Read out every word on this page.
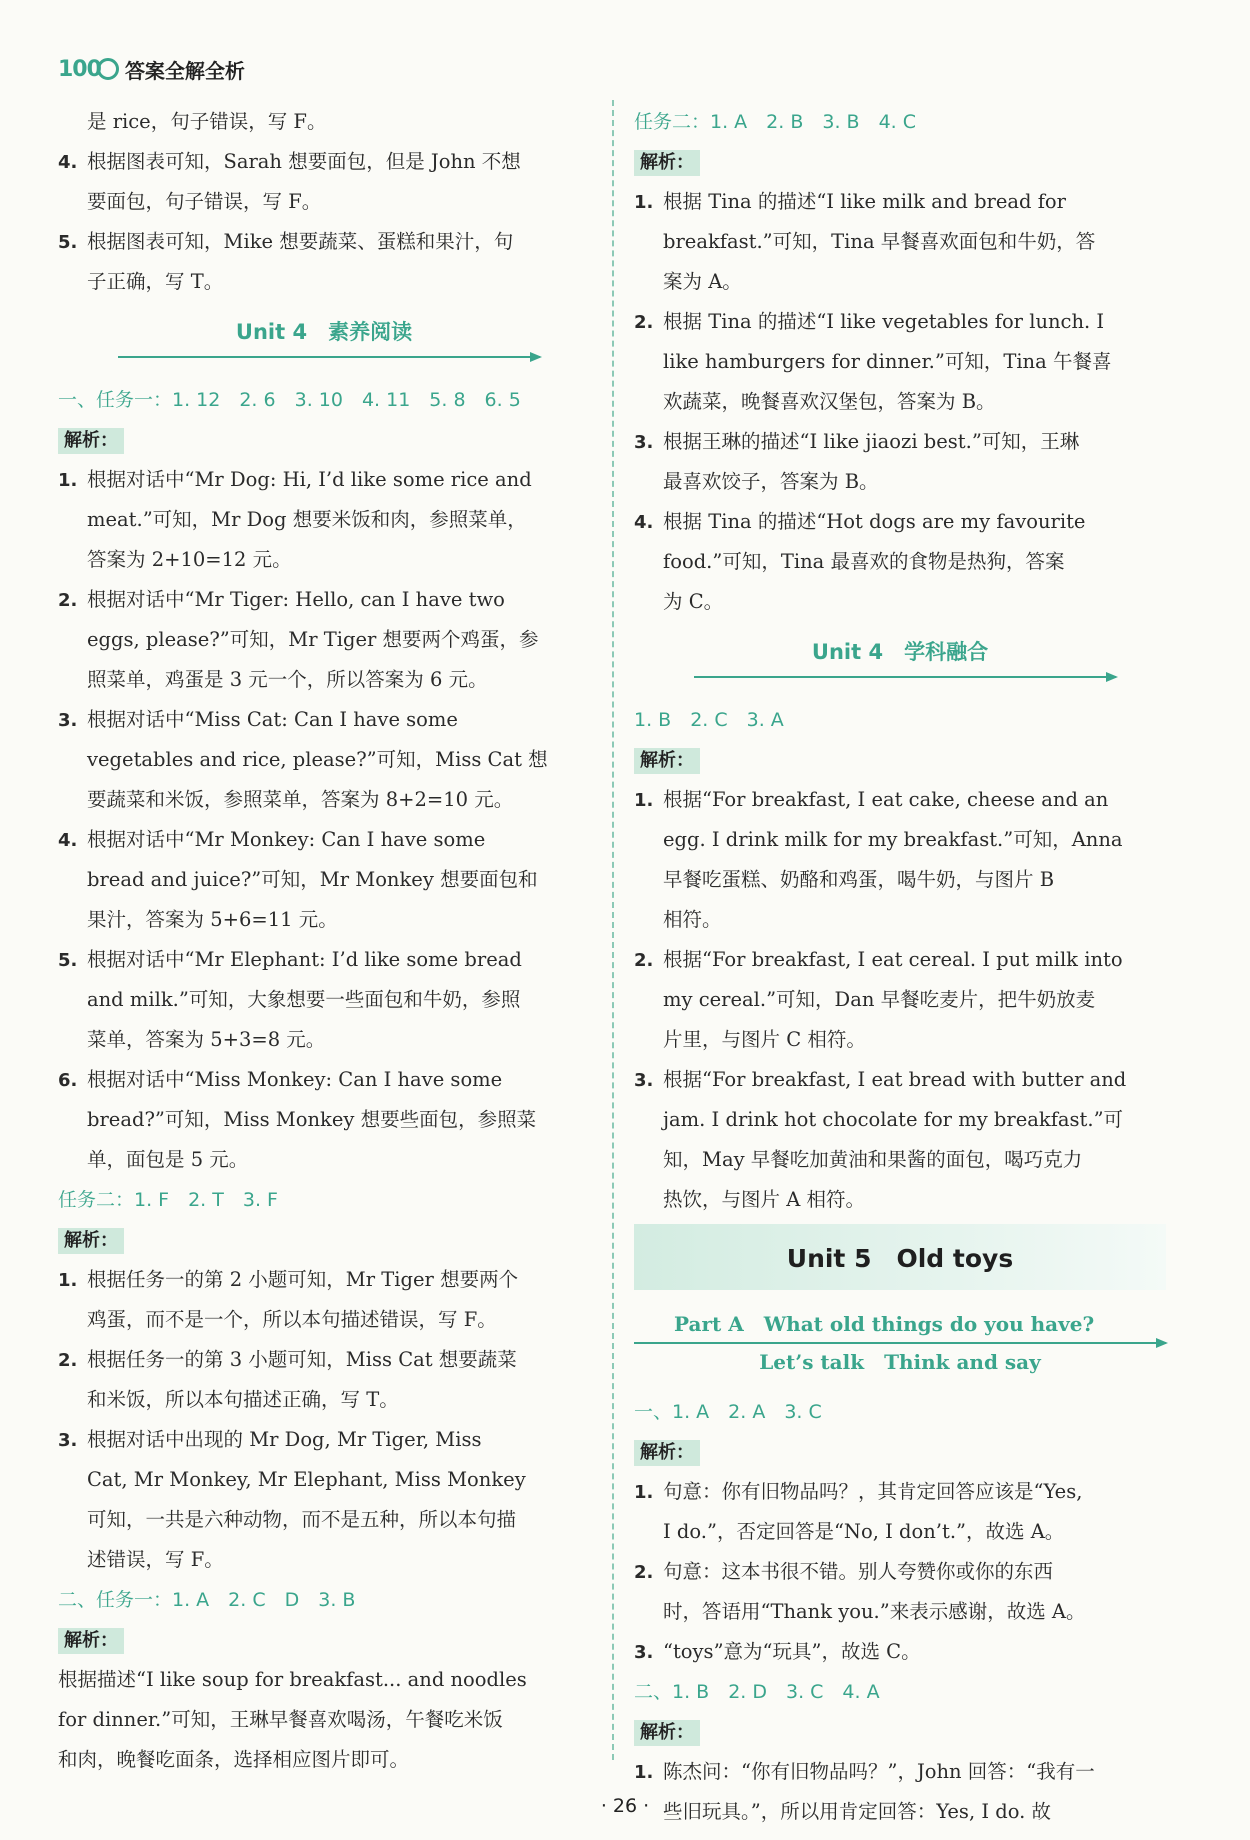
100 答案全解全析
是 rice，句子错误，写 F。
4. 根据图表可知，Sarah 想要面包，但是 John 不想
要面包，句子错误，写 F。
5. 根据图表可知，Mike 想要蔬菜、蛋糕和果汁，句
子正确，写 T。
Unit 4　素养阅读
一、任务一：1. 12　2. 6　3. 10　4. 11　5. 8　6. 5
解析：
1. 根据对话中“Mr Dog: Hi, I’d like some rice and
meat.”可知，Mr Dog 想要米饭和肉，参照菜单，
答案为 2+10=12 元。
2. 根据对话中“Mr Tiger: Hello, can I have two
eggs, please?”可知，Mr Tiger 想要两个鸡蛋，参
照菜单，鸡蛋是 3 元一个，所以答案为 6 元。
3. 根据对话中“Miss Cat: Can I have some
vegetables and rice, please?”可知，Miss Cat 想
要蔬菜和米饭，参照菜单，答案为 8+2=10 元。
4. 根据对话中“Mr Monkey: Can I have some
bread and juice?”可知，Mr Monkey 想要面包和
果汁，答案为 5+6=11 元。
5. 根据对话中“Mr Elephant: I’d like some bread
and milk.”可知，大象想要一些面包和牛奶，参照
菜单，答案为 5+3=8 元。
6. 根据对话中“Miss Monkey: Can I have some
bread?”可知，Miss Monkey 想要些面包，参照菜
单，面包是 5 元。
任务二：1. F　2. T　3. F
解析：
1. 根据任务一的第 2 小题可知，Mr Tiger 想要两个
鸡蛋，而不是一个，所以本句描述错误，写 F。
2. 根据任务一的第 3 小题可知，Miss Cat 想要蔬菜
和米饭，所以本句描述正确，写 T。
3. 根据对话中出现的 Mr Dog, Mr Tiger, Miss
Cat, Mr Monkey, Mr Elephant, Miss Monkey
可知，一共是六种动物，而不是五种，所以本句描
述错误，写 F。
二、任务一：1. A　2. C　D　3. B
解析：
根据描述“I like soup for breakfast... and noodles
for dinner.”可知，王琳早餐喜欢喝汤，午餐吃米饭
和肉，晚餐吃面条，选择相应图片即可。
任务二：1. A　2. B　3. B　4. C
解析：
1. 根据 Tina 的描述“I like milk and bread for
breakfast.”可知，Tina 早餐喜欢面包和牛奶，答
案为 A。
2. 根据 Tina 的描述“I like vegetables for lunch. I
like hamburgers for dinner.”可知，Tina 午餐喜
欢蔬菜，晚餐喜欢汉堡包，答案为 B。
3. 根据王琳的描述“I like jiaozi best.”可知，王琳
最喜欢饺子，答案为 B。
4. 根据 Tina 的描述“Hot dogs are my favourite
food.”可知，Tina 最喜欢的食物是热狗，答案
为 C。
Unit 4　学科融合
1. B　2. C　3. A
解析：
1. 根据“For breakfast, I eat cake, cheese and an
egg. I drink milk for my breakfast.”可知，Anna
早餐吃蛋糕、奶酪和鸡蛋，喝牛奶，与图片 B
相符。
2. 根据“For breakfast, I eat cereal. I put milk into
my cereal.”可知，Dan 早餐吃麦片，把牛奶放麦
片里，与图片 C 相符。
3. 根据“For breakfast, I eat bread with butter and
jam. I drink hot chocolate for my breakfast.”可
知，May 早餐吃加黄油和果酱的面包，喝巧克力
热饮，与图片 A 相符。
Unit 5　Old toys
Part A　What old things do you have?
Let’s talk　Think and say
一、1. A　2. A　3. C
解析：
1. 句意：你有旧物品吗？，其肯定回答应该是“Yes,
I do.”，否定回答是“No, I don’t.”，故选 A。
2. 句意：这本书很不错。别人夸赞你或你的东西
时，答语用“Thank you.”来表示感谢，故选 A。
3. “toys”意为“玩具”，故选 C。
二、1. B　2. D　3. C　4. A
解析：
1. 陈杰问：“你有旧物品吗？”，John 回答：“我有一
些旧玩具。”，所以用肯定回答：Yes, I do. 故
· 26 ·
